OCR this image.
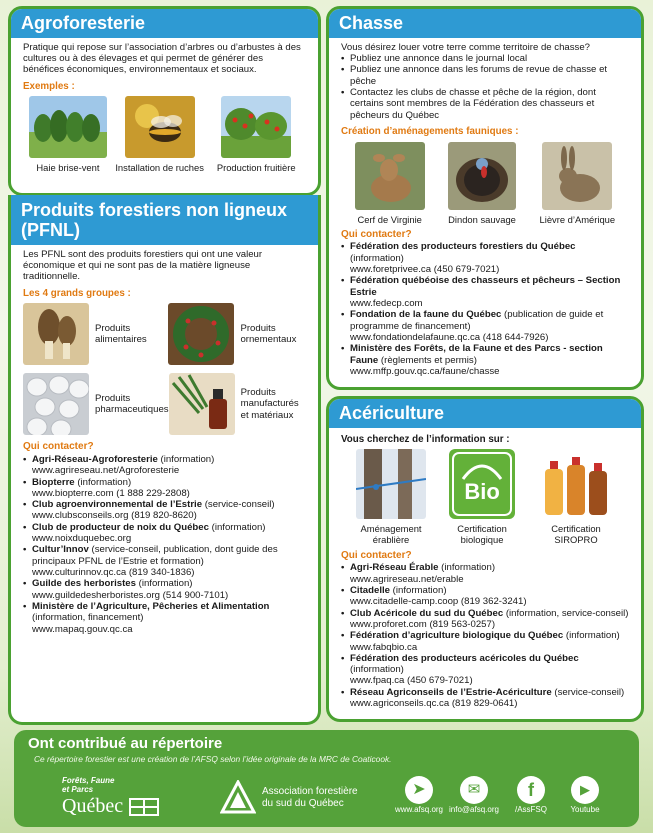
Agroforesterie

Pratique qui repose sur l’association d’arbres ou d’arbustes à des cultures ou à des élevages et qui permet de générer des bénéfices économiques, environnementaux et sociaux.

Exemples :
Haie brise-vent	Installation de ruches	Production fruitière
Produits forestiers non ligneux
(PFNL)

Les PFNL sont des produits forestiers qui ont une valeur économique et qui ne sont pas de la matière ligneuse traditionnelle.

Les 4 grands groupes :
Produits
alimentaires
Produits
ornementaux
Produits
pharmaceutiques
Produits
manufacturés
et matériaux
Qui contacter?
• Agri-Réseau-Agroforesterie (information)
www.agrireseau.net/Agroforesterie
• Biopterre (information)
www.biopterre.com (1 888 229-2808)
• Club agroenvironnemental de l’Estrie (service-conseil)
www.clubsconseils.org (819 820-8620)
• Club de producteur de noix du Québec (information)
www.noixduquebec.org
• Cultur’Innov (service-conseil, publication, dont guide des principaux PFNL de l’Estrie et formation)
www.culturinnov.qc.ca (819 340-1836)
• Guilde des herboristes (information)
www.guildedesherboristes.org (514 900-7101)
• Ministère de l’Agriculture, Pêcheries et Alimentation (information, financement)
www.mapaq.gouv.qc.ca
Chasse

Vous désirez louer votre terre comme territoire de chasse?

• Publiez une annonce dans le journal local
• Publiez une annonce dans les forums de revue de chasse et pêche
• Contactez les clubs de chasse et pêche de la région, dont certains sont membres de la Fédération des chasseurs et pêcheurs du Québec
Création d’aménagements fauniques :
Cerf de Virginie	Dindon sauvage	Lièvre d’Amérique
Qui contacter?
• Fédération des producteurs forestiers du Québec (information)
www.foretprivee.ca (450 679-7021)
• Fédération québéoise des chasseurs et pêcheurs – Section Estrie
www.fedecp.com
• Fondation de la faune du Québec (publication de guide et programme de financement)
www.fondationdelafaune.qc.ca (418 644-7926)
• Ministère des Forêts, de la Faune et des Parcs - section Faune (règlements et permis)
www.mffp.gouv.qc.ca/faune/chasse
Acériculture
Vous cherchez de l’information sur :
Aménagement
érablière
Bio
Certification
biologique
Certification
SIROPRO
Qui contacter?
• Agri-Réseau Érable (information)
www.agrireseau.net/erable
• Citadelle (information)
www.citadelle-camp.coop (819 362-3241)
• Club Acéricole du sud du Québec (information, service-conseil)
www.proforet.com (819 563-0257)
• Fédération d’agriculture biologique du Québec (information)
www.fabqbio.ca
• Fédération des producteurs acéricoles du Québec (information)
www.fpaq.ca (450 679-7021)
• Réseau Agriconseils de l’Estrie-Acériculture (service-conseil)
www.agriconseils.qc.ca (819 829-0641)
Ont contribué au répertoire
Ce répertoire forestier est une création de l’AFSQ selon l’idée originale de la MRC de Coaticook.
Forêts, Faune
et Parcs
Québec
Association forestière
du sud du Québec
➤
www.afsq.org
✉
info@afsq.org
f
/AssFSQ
▶
Youtube
